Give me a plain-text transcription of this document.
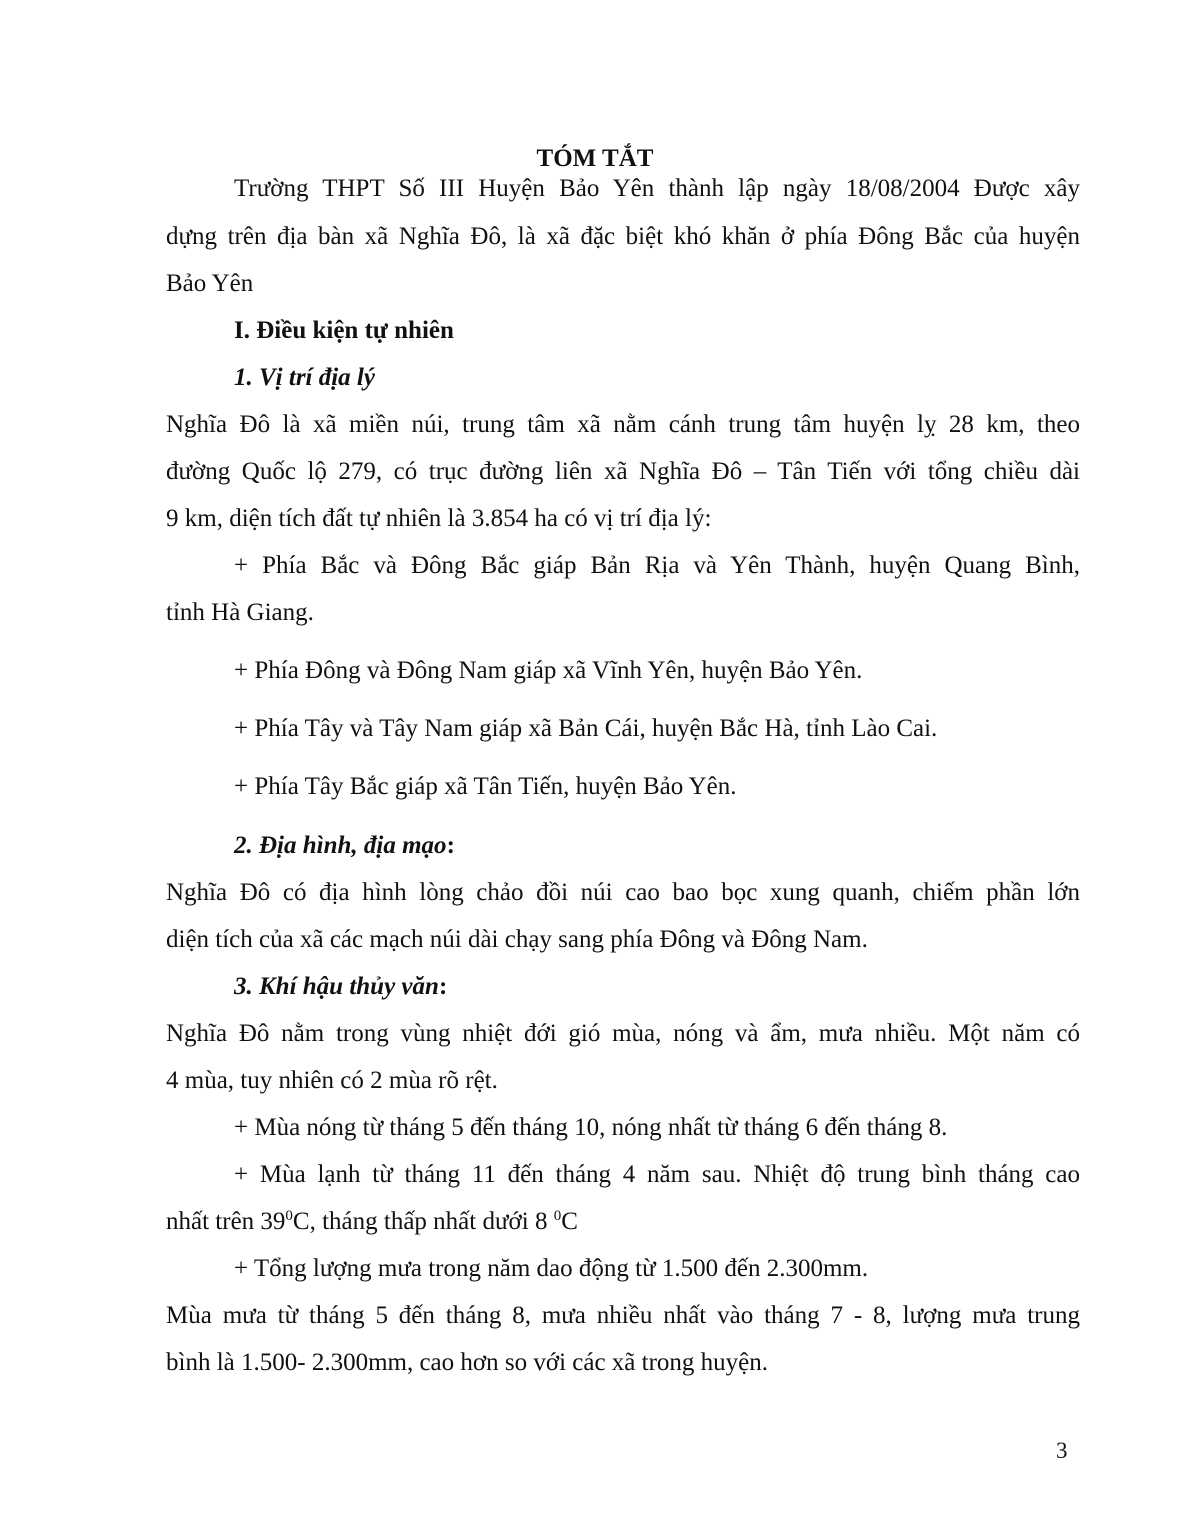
TÓM TẮT
Trường THPT Số III Huyện Bảo Yên thành lập ngày 18/08/2004 Được xây
dựng trên địa bàn xã Nghĩa Đô, là xã đặc biệt khó khăn ở phía Đông Bắc của huyện
Bảo Yên
I. Điều kiện tự nhiên
1. Vị trí địa lý
Nghĩa Đô là xã miền núi, trung tâm xã nằm cánh trung tâm huyện lỵ 28 km, theo
đường Quốc lộ 279, có trục đường liên xã Nghĩa Đô – Tân Tiến với tổng chiều dài
9 km, diện tích đất tự nhiên là 3.854 ha có vị trí địa lý:
+ Phía Bắc và Đông Bắc giáp Bản Rịa và Yên Thành, huyện Quang Bình,
tỉnh Hà Giang.
+ Phía Đông và Đông Nam giáp xã Vĩnh Yên, huyện Bảo Yên.
+ Phía Tây và Tây Nam giáp xã Bản Cái, huyện Bắc Hà, tỉnh Lào Cai.
+ Phía Tây Bắc giáp xã Tân Tiến, huyện Bảo Yên.
2. Địa hình, địa mạo:
Nghĩa Đô có địa hình lòng chảo đồi núi cao bao bọc xung quanh, chiếm phần lớn
diện tích của xã các mạch núi dài chạy sang phía Đông và Đông Nam.
3. Khí hậu thủy văn:
Nghĩa Đô nằm trong vùng nhiệt đới gió mùa, nóng và ẩm, mưa nhiều. Một năm có
4 mùa, tuy nhiên có 2 mùa rõ rệt.
+ Mùa nóng từ tháng 5 đến tháng 10, nóng nhất từ tháng 6 đến tháng 8.
+ Mùa lạnh từ tháng 11 đến tháng 4 năm sau. Nhiệt độ trung bình tháng cao
nhất trên $39^0C$, tháng thấp nhất dưới 8 $^0$C
+ Tổng lượng mưa trong năm dao động từ 1.500 đến 2.300mm.
Mùa mưa từ tháng 5 đến tháng 8, mưa nhiều nhất vào tháng 7 - 8, lượng mưa trung
bình là 1.500- 2.300mm, cao hơn so với các xã trong huyện.
3
